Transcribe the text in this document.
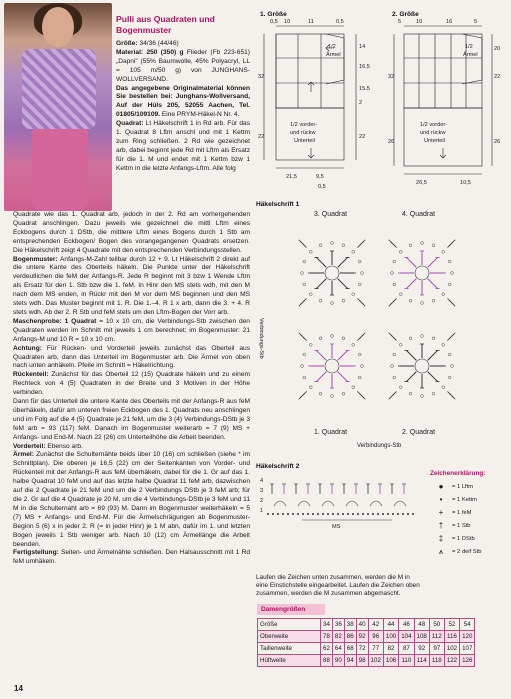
Pulli aus Quadraten und Bogenmuster

Größe: 34/36 (44/46)

Material: 250 (350) g Flieder (Fb 223-651) „Dapni" (55% Baumwolle, 45% Polyacryl, LL = 105 m/50 g) von JUNGHANS-WOLLVERSAND.

Das angegebene Originalmaterial können Sie bestellen bei: Junghans-Wollversand, Auf der Hüls 205, 52055 Aachen, Tel. 01805/109109. Eine PRYM-Häkel-N Nr. 4.

Quadrat: Lt Häkelschrift 1 in Rd arb. Für das 1. Quadrat 8 Lftm anschl und mit 1 Kettm zum Ring schließen. 2 Rd wie gezeichnet arb, dabei beginnt jede Rd mit Lftm als Ersatz für die 1. M und endet mit 1 Kettm bzw 1 Kettm in die letzte Anfangs-Lftm. Alle folg

Quadrate wie das 1. Quadrat arb, jedoch in der 2. Rd am vorhergehenden Quadrat anschlingen. Dazu jeweils wie gezeichnet die mittl Lftm eines Eckbogens durch 1 DStb, die mittlere Lftm eines Bogens durch 1 Stb am entsprechenden Eckbogen/ Bogen des vorangegangenen Quadrats ersetzen. Die Häkelschrift zeigt 4 Quadrate mit den entsprechenden Verbindungsstellen.

Bogenmuster: Anfangs-M-Zahl teilbar durch 12 + 9. Lt Häkelschrift 2 direkt auf die untere Kante des Oberteils häkeln. Die Punkte unter der Häkelschrift verdeutlichen die feM der Anfangs-R. Jede R beginnt mit 3 bzw 1 Wende Lftm als Ersatz für den 1. Stb bzw die 1. feM. In Hinr den MS stets wdh, mit den M nach dem MS enden, in Rückr mit den M vor dem MS beginnen und den MS stets wdh. Das Muster beginnt mit 1. R. Die 1.–4. R 1 x arb, dann die 3. + 4. R stets wdh. Ab der 2. R Stb und feM stets um den Lftm-Bogen der Vorr arb.

Maschenprobe: 1 Quadrat = 10 x 10 cm, die Verbindungs-Stb zwischen den Quadraten werden im Schnitt mit jeweils 1 cm berechnet; im Bogenmuster: 21 Anfangs-M und 10 R = 10 x 10 cm.

Achtung: Für Rücken- und Vorderteil jeweils zunächst das Oberteil aus Quadraten arb, dann das Unterteil im Bogenmuster arb. Die Ärmel von oben nach unten anhäkeln. Pfeile im Schnitt = Häkelrichtung.

Rückenteil: Zunächst für das Oberteil 12 (15) Quadrate häkeln und zu einem Rechteck von 4 (5) Quadraten in der Breite und 3 Motiven in der Höhe verbinden.

Dann für das Unterteil die untere Kante des Oberteils mit der Anfangs-R aus feM überhäkeln, dafür am unteren freien Eckbogen des 1. Quadrats neu anschlingen und im Folg auf die 4 (5) Quadrate je 21 feM, um die 3 (4) Verbindungs-DStb je 3 feM arb = 93 (117) feM. Danach im Bogenmuster weiterarb = 7 (9) MS + Anfangs- und End-M. Nach 22 (26) cm Unterteilhöhe die Arbeit beenden.

Vorderteil: Ebenso arb.

Ärmel: Zunächst die Schulternähte beids über 10 (16) cm schließen (siehe * im Schnittplan). Die oberen je 16,5 (22) cm der Seitenkanten von Vorder- und Rückenteil mit der Anfangs-R aus feM überhäkeln, dabei für die 1. Gr auf das 1. halbe Quadrat 10 feM und auf das letzte halbe Quadrat 11 feM arb, dazwischen auf die 2 Quadrate je 21 feM und um die 2 Verbindungs DStb je 3 feM arb; für die 2. Gr auf die 4 Quadrate je 20 M, um die 4 Verbindungs-DStb je 3 feM und 11 M in die Schulternaht arb = 69 (93) M. Dann im Bogenmuster weiterhäkeln = 5 (7) MS + Anfangs- und End-M. Für die Ärmelschrägungen ab Bogenmuster-Beginn 5 (6) x in jeder 2. R (= in jeder Hinr) je 1 M abn, dafür im 1. und letzten Bogen jeweils 1 Stb weniger arb. Nach 10 (12) cm Ärmellänge die Arbeit beenden.

Fertigstellung: Seiten- und Ärmelnähte schließen. Den Halsausschnitt mit 1 Rd feM umhäkeln.

1. Größe
0,5 10	11	0,5
32
22
14
16,5
15,5
2
22
1/2
Ärmel
1/2 vorder-
und rückw
Unterteil
21,5	9,5
0,5
2. Größe
5	10	16	5
32
26
20
22
26
1/2
Ärmel
1/2 vorder-
und rückw
Unterteil
26,5	10,5
Häkelschrift 1
3. Quadrat	4. Quadrat
1. Quadrat	2. Quadrat
Verbindungs-Stb
Verbindungs-Stb
Häkelschrift 2
4
3
2
1
MS
Zeichenerklärung:
●	= 1 Lftm
•	= 1 Kettm
+	= 1 feM
†	= 1 Stb
‡	= 1 DStb
⩚	= 2 deif Stb
Laufen die Zeichen unten zusammen, werden die M in eine Einstichstelle eingearbeitet. Laufen die Zeichen oben zusammen, werden die M zusammen abgemascht.
Damengrößen
Größe	34	36	38	40	42	44	46	48	50	52	54
Oberweite	78	82	86	92	96	100	104	108	112	116	120
Taillenweite	62	64	68	72	77	82	87	92	97	102	107
Hüftweite	88	90	94	98	102	106	110	114	118	122	126
14
